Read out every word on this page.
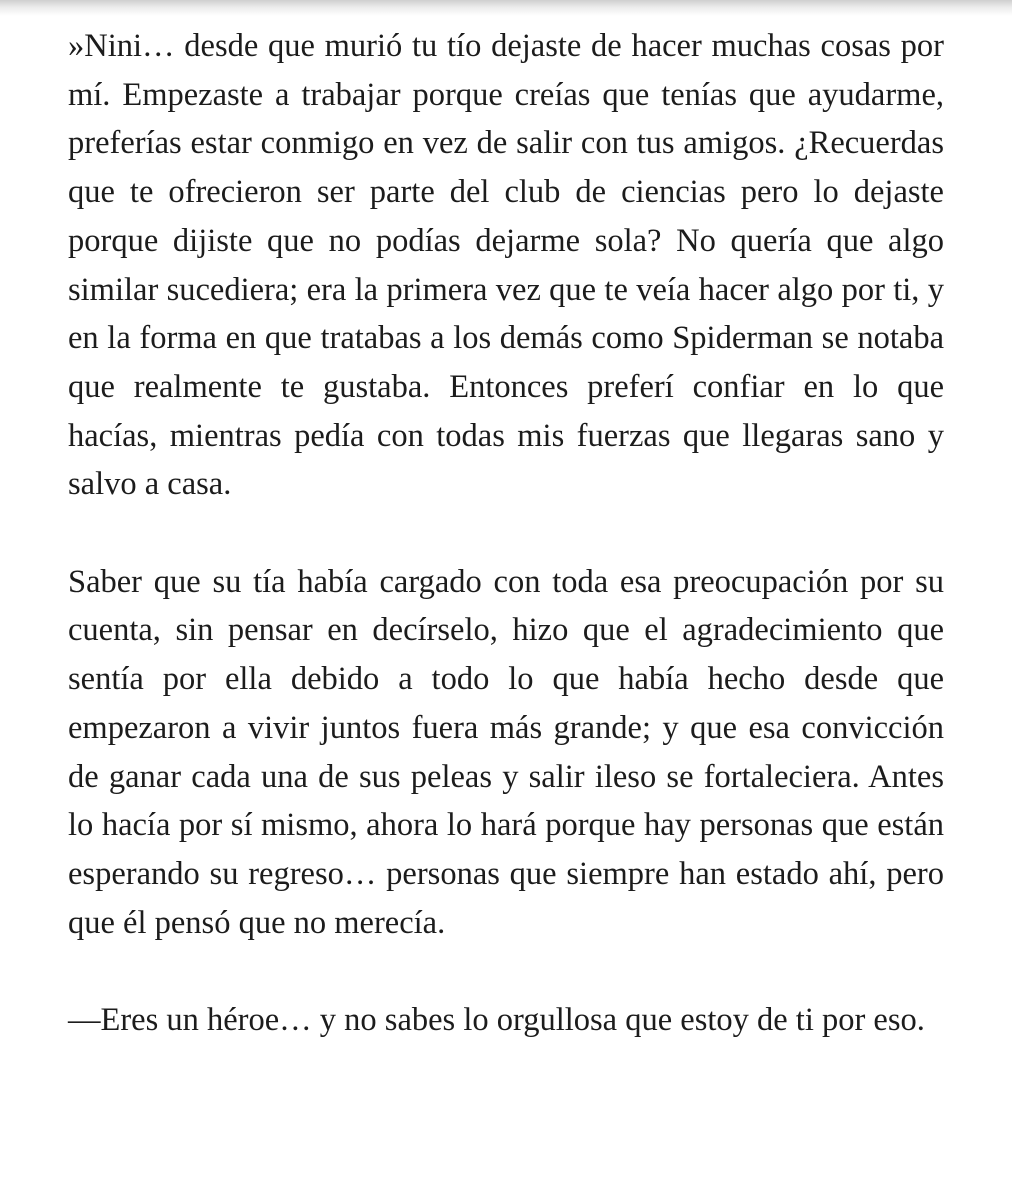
»Nini… desde que murió tu tío dejaste de hacer muchas cosas por mí. Empezaste a trabajar porque creías que tenías que ayudarme, preferías estar conmigo en vez de salir con tus amigos. ¿Recuerdas que te ofrecieron ser parte del club de ciencias pero lo dejaste porque dijiste que no podías dejarme sola? No quería que algo similar sucediera; era la primera vez que te veía hacer algo por ti, y en la forma en que tratabas a los demás como Spiderman se notaba que realmente te gustaba. Entonces preferí confiar en lo que hacías, mientras pedía con todas mis fuerzas que llegaras sano y salvo a casa.

Saber que su tía había cargado con toda esa preocupación por su cuenta, sin pensar en decírselo, hizo que el agradecimiento que sentía por ella debido a todo lo que había hecho desde que empezaron a vivir juntos fuera más grande; y que esa convicción de ganar cada una de sus peleas y salir ileso se fortaleciera. Antes lo hacía por sí mismo, ahora lo hará porque hay personas que están esperando su regreso… personas que siempre han estado ahí, pero que él pensó que no merecía.

—Eres un héroe… y no sabes lo orgullosa que estoy de ti por eso.
